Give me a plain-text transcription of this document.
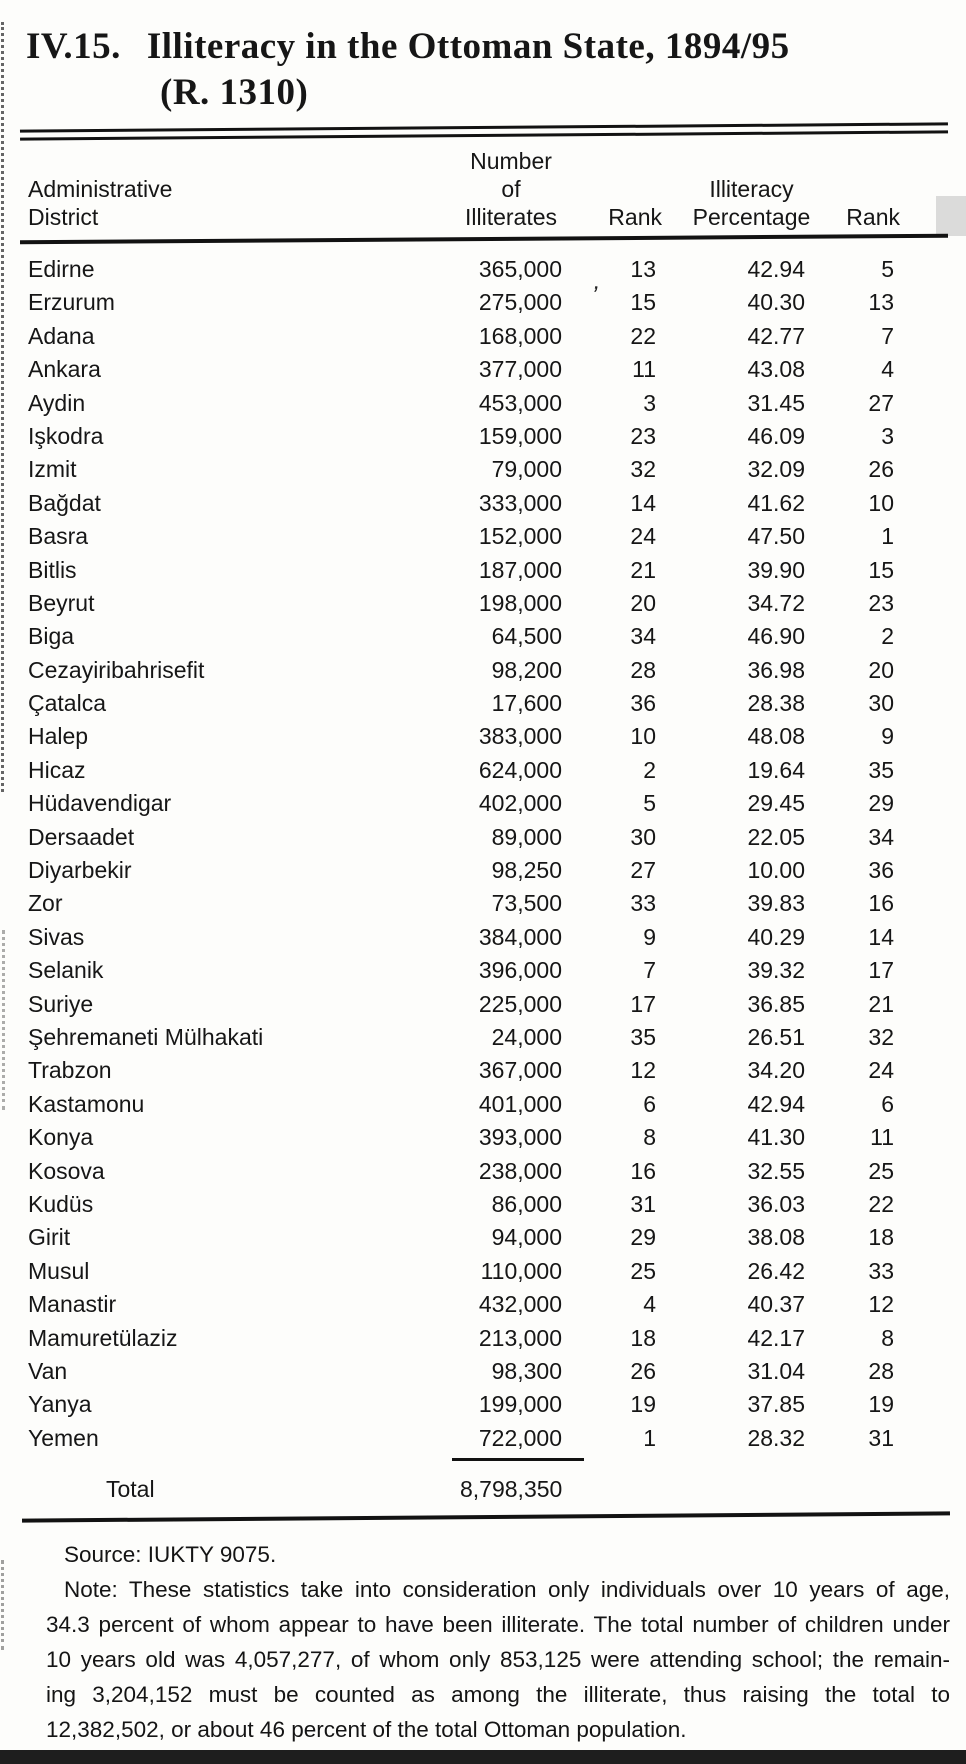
,
IV.15. Illiteracy in the Ottoman State, 1894/95
(R. 1310)
Administrative
District
Number
of
Illiterates	Rank
Illiteracy
Percentage	Rank
Edirne	365,000	13	42.94	5
Erzurum	275,000	15	40.30	13
Adana	168,000	22	42.77	7
Ankara	377,000	11	43.08	4
Aydin	453,000	3	31.45	27
Işkodra	159,000	23	46.09	3
Izmit	79,000	32	32.09	26
Bağdat	333,000	14	41.62	10
Basra	152,000	24	47.50	1
Bitlis	187,000	21	39.90	15
Beyrut	198,000	20	34.72	23
Biga	64,500	34	46.90	2
Cezayiribahrisefit	98,200	28	36.98	20
Çatalca	17,600	36	28.38	30
Halep	383,000	10	48.08	9
Hicaz	624,000	2	19.64	35
Hüdavendigar	402,000	5	29.45	29
Dersaadet	89,000	30	22.05	34
Diyarbekir	98,250	27	10.00	36
Zor	73,500	33	39.83	16
Sivas	384,000	9	40.29	14
Selanik	396,000	7	39.32	17
Suriye	225,000	17	36.85	21
Şehremaneti Mülhakati	24,000	35	26.51	32
Trabzon	367,000	12	34.20	24
Kastamonu	401,000	6	42.94	6
Konya	393,000	8	41.30	11
Kosova	238,000	16	32.55	25
Kudüs	86,000	31	36.03	22
Girit	94,000	29	38.08	18
Musul	110,000	25	26.42	33
Manastir	432,000	4	40.37	12
Mamuretülaziz	213,000	18	42.17	8
Van	98,300	26	31.04	28
Yanya	199,000	19	37.85	19
Yemen	722,000	1	28.32	31
Total	8,798,350
Source: IUKTY 9075.
Note: These statistics take into consideration only individuals over 10 years of age,
34.3 percent of whom appear to have been illiterate. The total number of children under
10 years old was 4,057,277, of whom only 853,125 were attending school; the remain-
ing 3,204,152 must be counted as among the illiterate, thus raising the total to
12,382,502, or about 46 percent of the total Ottoman population.
